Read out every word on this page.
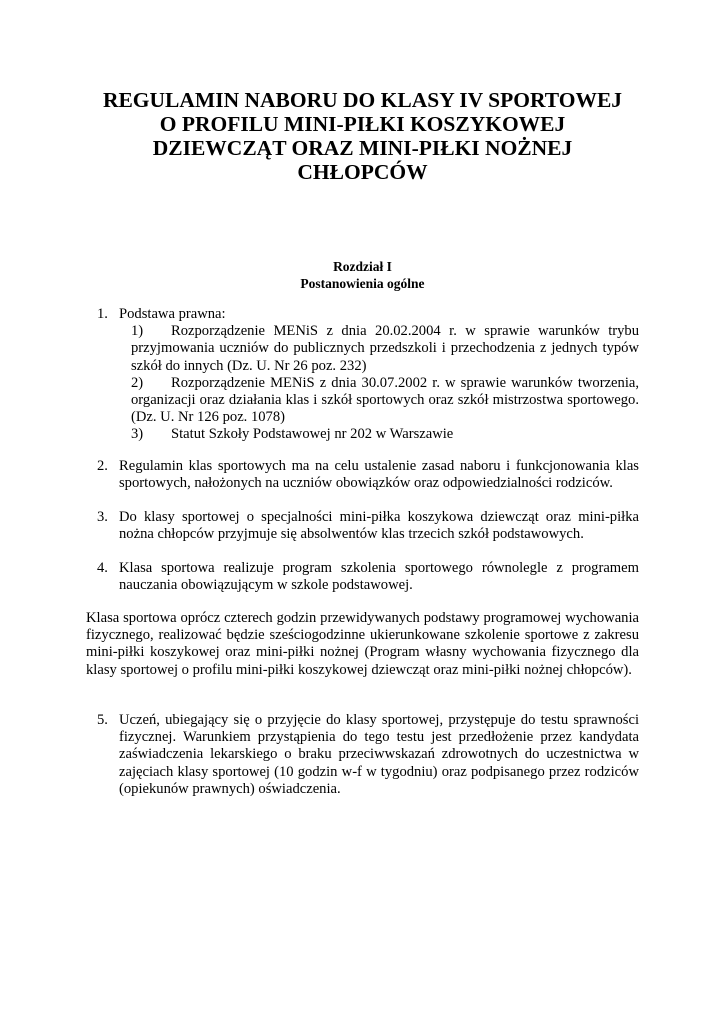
REGULAMIN NABORU DO KLASY IV SPORTOWEJ
O PROFILU MINI-PIŁKI KOSZYKOWEJ
DZIEWCZĄT ORAZ MINI-PIŁKI NOŻNEJ
CHŁOPCÓW
Rozdział I
Postanowienia ogólne
1. Podstawa prawna:
1)	Rozporządzenie MENiS z dnia 20.02.2004 r. w sprawie warunków trybu
przyjmowania uczniów do publicznych przedszkoli i przechodzenia z jednych typów szkół do innych (Dz. U. Nr 26 poz. 232)
2)	Rozporządzenie MENiS z dnia 30.07.2002 r. w sprawie warunków tworzenia,
organizacji oraz działania klas i szkół sportowych oraz szkół mistrzostwa sportowego. (Dz. U. Nr 126 poz. 1078)
3)	Statut Szkoły Podstawowej nr 202 w Warszawie
2. Regulamin klas sportowych ma na celu ustalenie zasad naboru i funkcjonowania klas sportowych, nałożonych na uczniów obowiązków oraz odpowiedzialności rodziców.
3. Do klasy sportowej o specjalności mini-piłka koszykowa dziewcząt oraz mini-piłka nożna chłopców przyjmuje się absolwentów klas trzecich szkół podstawowych.
4. Klasa sportowa realizuje program szkolenia sportowego równolegle z programem nauczania obowiązującym w szkole podstawowej.
Klasa sportowa oprócz czterech godzin przewidywanych podstawy programowej wychowania fizycznego, realizować będzie sześciogodzinne ukierunkowane szkolenie sportowe z zakresu mini-piłki koszykowej oraz mini-piłki nożnej (Program własny wychowania fizycznego dla klasy sportowej o profilu mini-piłki koszykowej dziewcząt oraz mini-piłki nożnej chłopców).
5. Uczeń, ubiegający się o przyjęcie do klasy sportowej, przystępuje do testu sprawności fizycznej. Warunkiem przystąpienia do tego testu jest przedłożenie przez kandydata zaświadczenia lekarskiego o braku przeciwwskazań zdrowotnych do uczestnictwa w zajęciach klasy sportowej (10 godzin w-f w tygodniu) oraz podpisanego przez rodziców (opiekunów prawnych) oświadczenia.
